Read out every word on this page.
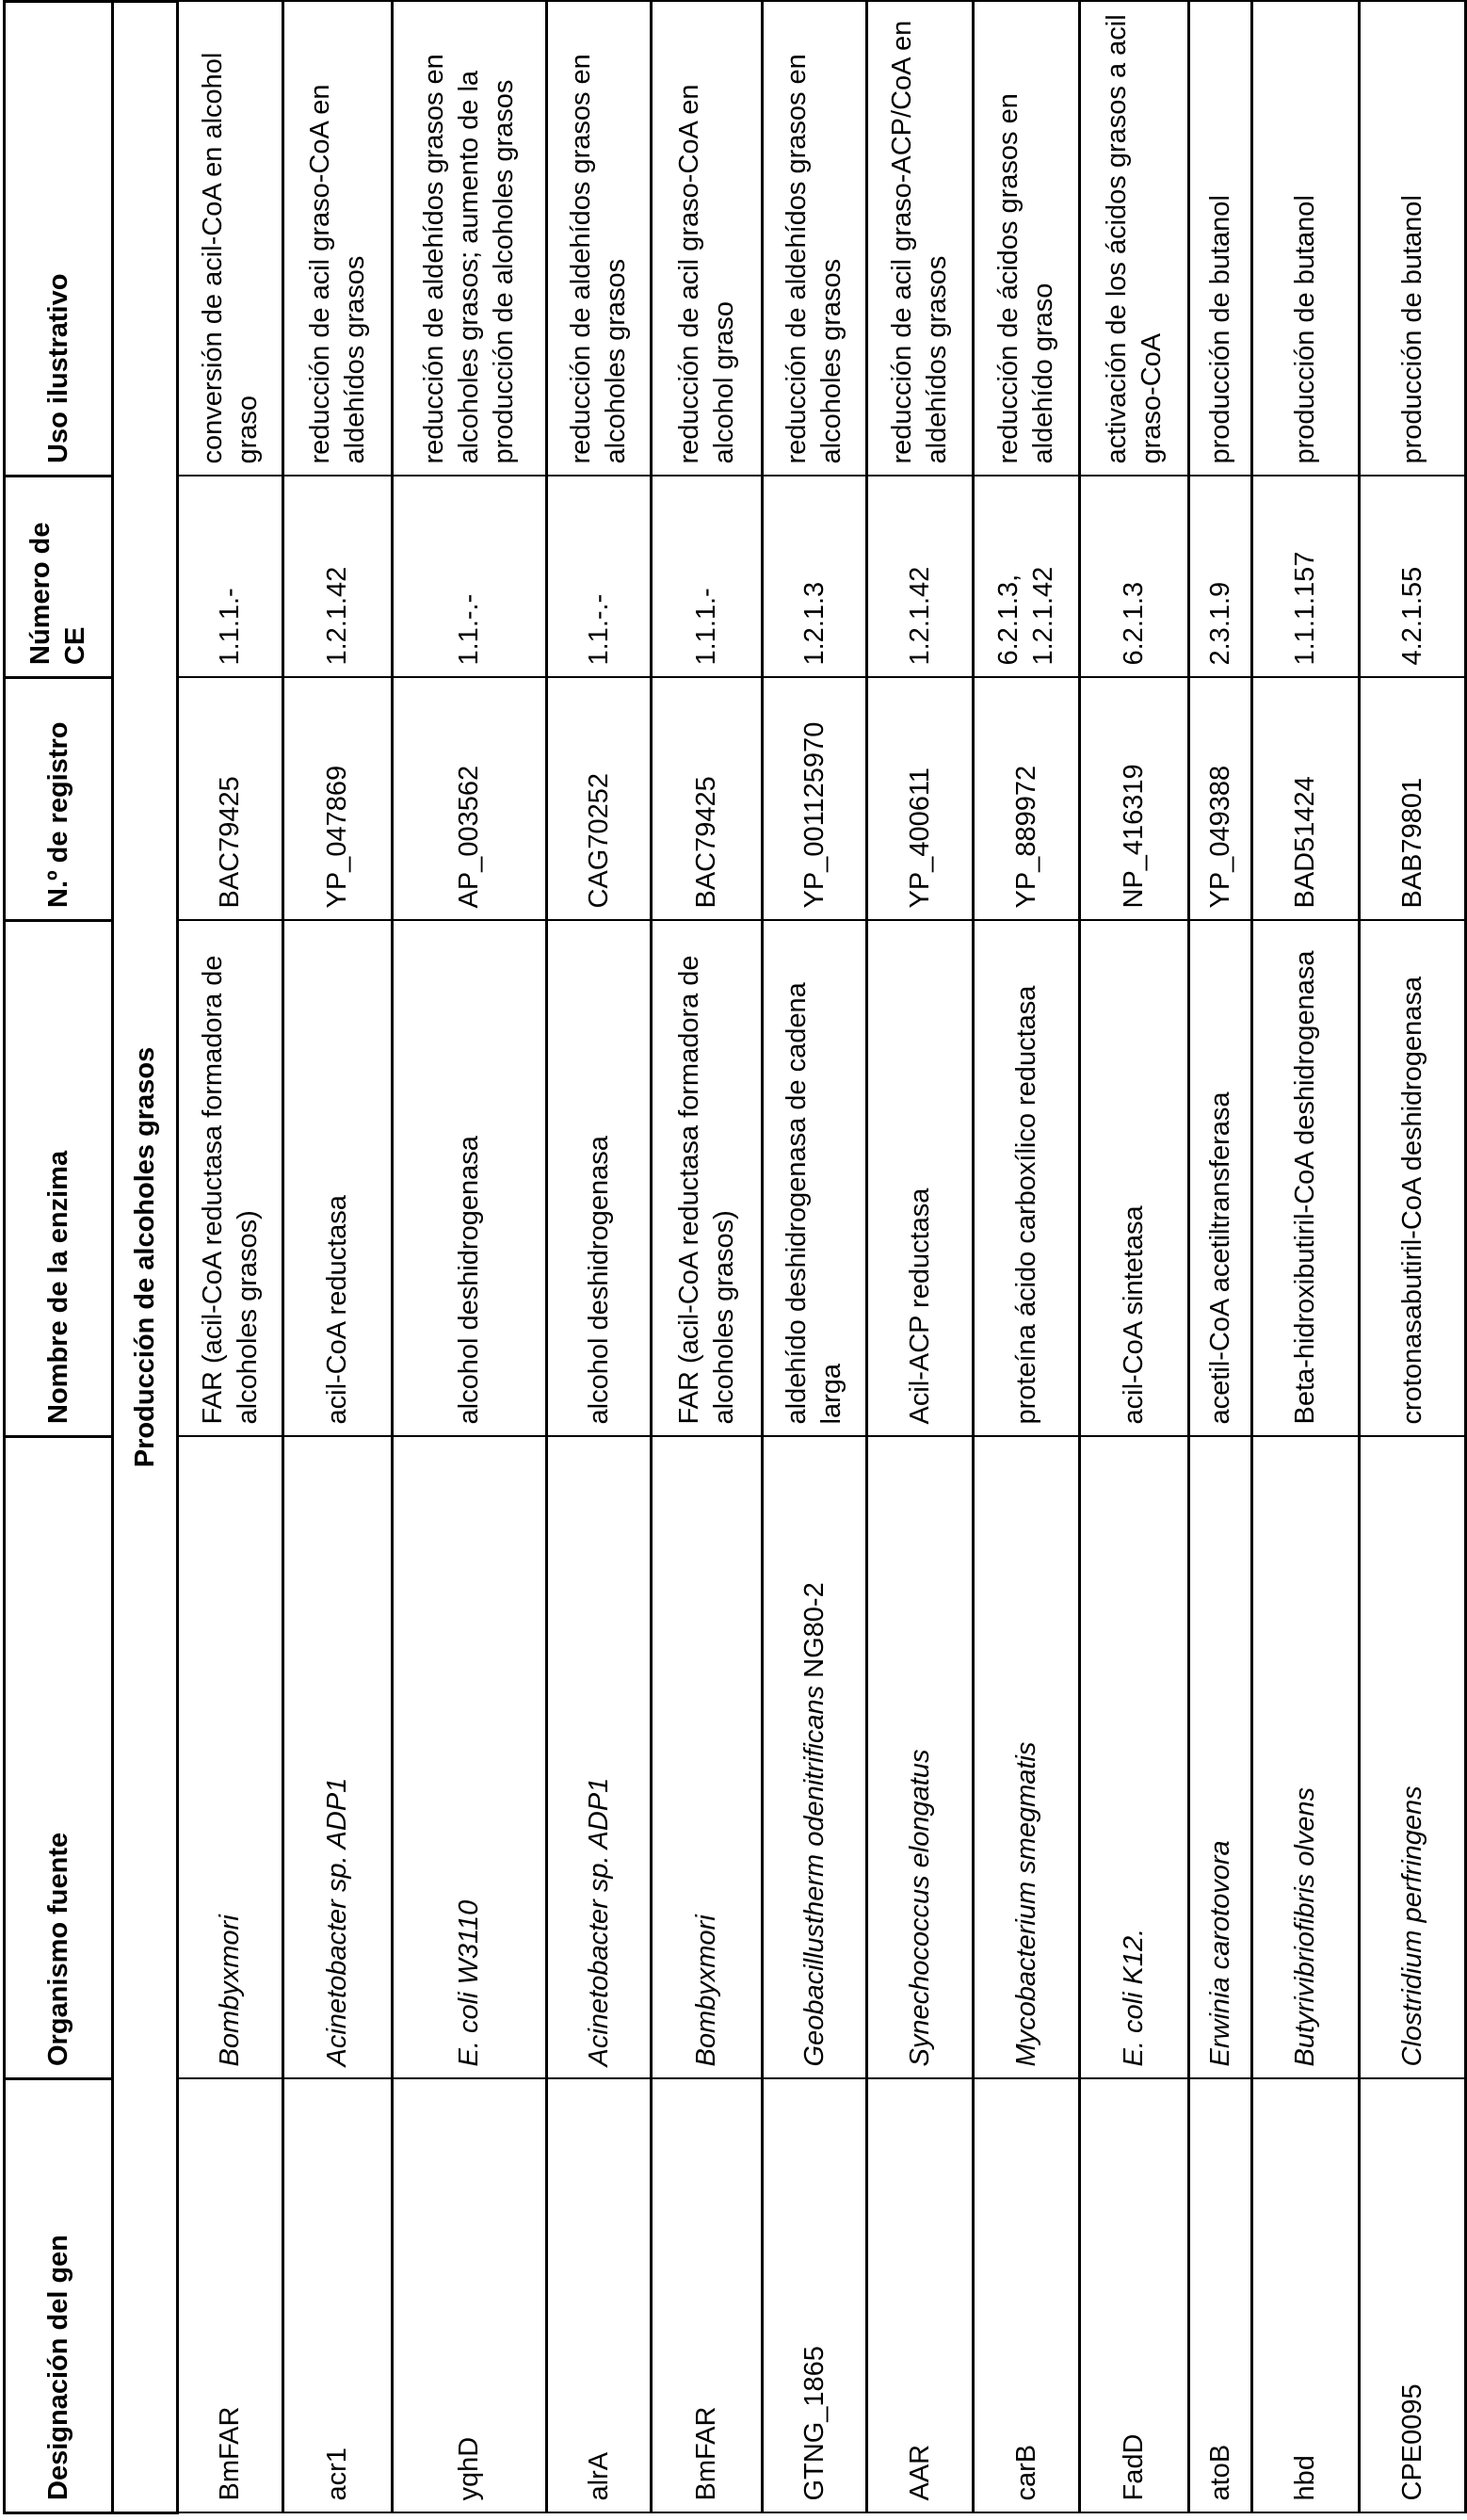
Designación del gen	Organismo fuente	Nombre de la enzima	N.º de registro	Número de CE	Uso ilustrativo
Producción de alcoholes grasos
BmFAR	Bombyxmori	FAR (acil-CoA reductasa formadora de alcoholes grasos)	BAC79425	1.1.1.-	conversión de acil-CoA en alcohol graso
acr1	Acinetobacter sp. ADP1	acil-CoA reductasa	YP_047869	1.2.1.42	reducción de acil graso-CoA en aldehídos grasos
yqhD	E. coli W3110	alcohol deshidrogenasa	AP_003562	1.1.-.-	reducción de aldehídos grasos en alcoholes grasos; aumento de la producción de alcoholes grasos
alrA	Acinetobacter sp. ADP1	alcohol deshidrogenasa	CAG70252	1.1.-.-	reducción de aldehídos grasos en alcoholes grasos
BmFAR	Bombyxmori	FAR (acil-CoA reductasa formadora de alcoholes grasos)	BAC79425	1.1.1.-	reducción de acil graso-CoA en alcohol graso
GTNG_1865	Geobacillustherm odenitrificans NG80-2	aldehído deshidrogenasa de cadena larga	YP_001125970	1.2.1.3	reducción de aldehídos grasos en alcoholes grasos
AAR	Synechococcus elongatus	Acil-ACP reductasa	YP_400611	1.2.1.42	reducción de acil graso-ACP/CoA en aldehídos grasos
carB	Mycobacterium smegmatis	proteína ácido carboxílico reductasa	YP_889972	6.2.1.3, 1.2.1.42	reducción de ácidos grasos en aldehído graso
FadD	E. coli K12.	acil-CoA sintetasa	NP_416319	6.2.1.3	activación de los ácidos grasos a acil graso-CoA
atoB	Erwinia carotovora	acetil-CoA acetiltransferasa	YP_049388	2.3.1.9	producción de butanol
hbd	Butyrivibriofibris olvens	Beta-hidroxibutiril-CoA deshidrogenasa	BAD51424	1.1.1.157	producción de butanol
CPE0095	Clostridium perfringens	crotonasabutiril-CoA deshidrogenasa	BAB79801	4.2.1.55	producción de butanol
